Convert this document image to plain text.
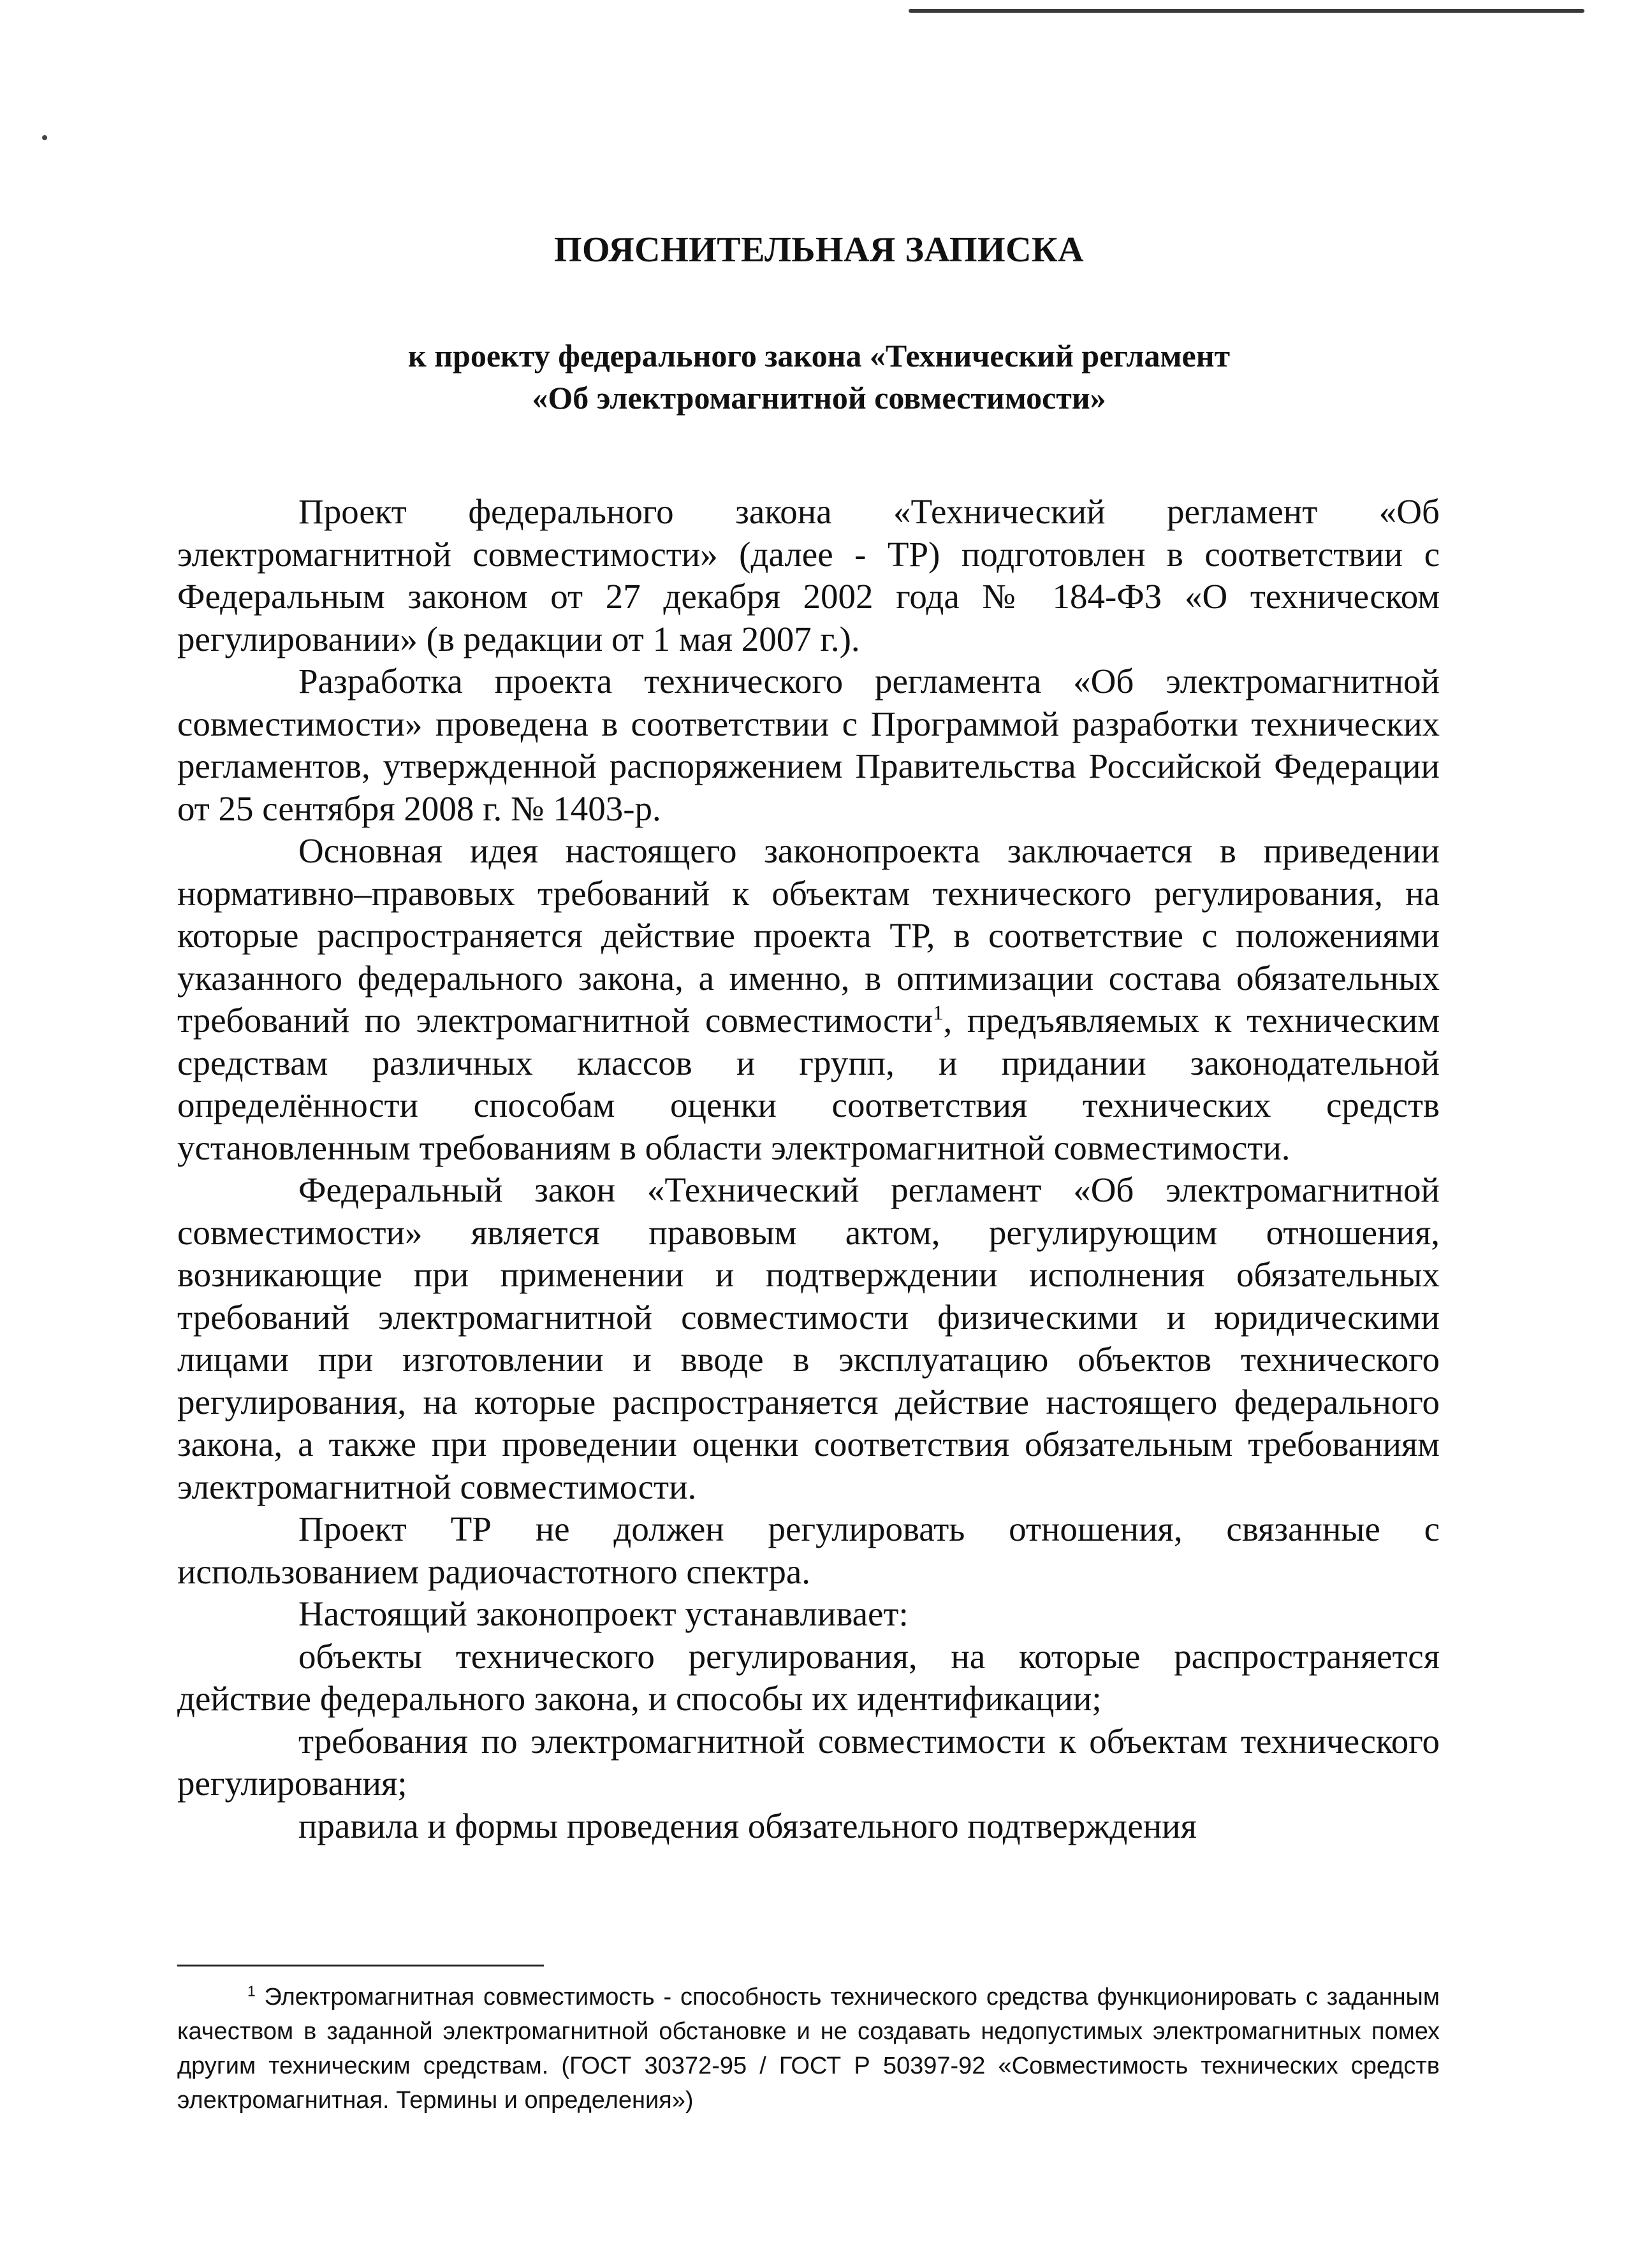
ПОЯСНИТЕЛЬНАЯ ЗАПИСКА
к проекту федерального закона «Технический регламент
«Об электромагнитной совместимости»

Проект федерального закона «Технический регламент «Об электромагнитной совместимости» (далее - ТР) подготовлен в соответствии с Федеральным законом от 27 декабря 2002 года № 184-ФЗ «О техническом регулировании» (в редакции от 1 мая 2007 г.).

Разработка проекта технического регламента «Об электромагнитной совместимости» проведена в соответствии с Программой разработки технических регламентов, утвержденной распоряжением Правительства Российской Федерации от 25 сентября 2008 г. № 1403-р.

Основная идея настоящего законопроекта заключается в приведении нормативно–правовых требований к объектам технического регулирования, на которые распространяется действие проекта ТР, в соответствие с положениями указанного федерального закона, а именно, в оптимизации состава обязательных требований по электромагнитной совместимости$^1$, предъявляемых к техническим средствам различных классов и групп, и придании законодательной определённости способам оценки соответствия технических средств установленным требованиям в области электромагнитной совместимости.

Федеральный закон «Технический регламент «Об электромагнитной совместимости» является правовым актом, регулирующим отношения, возникающие при применении и подтверждении исполнения обязательных требований электромагнитной совместимости физическими и юридическими лицами при изготовлении и вводе в эксплуатацию объектов технического регулирования, на которые распространяется действие настоящего федерального закона, а также при проведении оценки соответствия обязательным требованиям электромагнитной совместимости.

Проект ТР не должен регулировать отношения, связанные с использованием радиочастотного спектра.

Настоящий законопроект устанавливает:

объекты технического регулирования, на которые распространяется действие федерального закона, и способы их идентификации;

требования по электромагнитной совместимости к объектам технического регулирования;

правила и формы проведения обязательного подтверждения

$^1$ Электромагнитная совместимость - способность технического средства функционировать с заданным качеством в заданной электромагнитной обстановке и не создавать недопустимых электромагнитных помех другим техническим средствам. (ГОСТ 30372-95 / ГОСТ Р 50397-92 «Совместимость технических средств электромагнитная. Термины и определения»)
